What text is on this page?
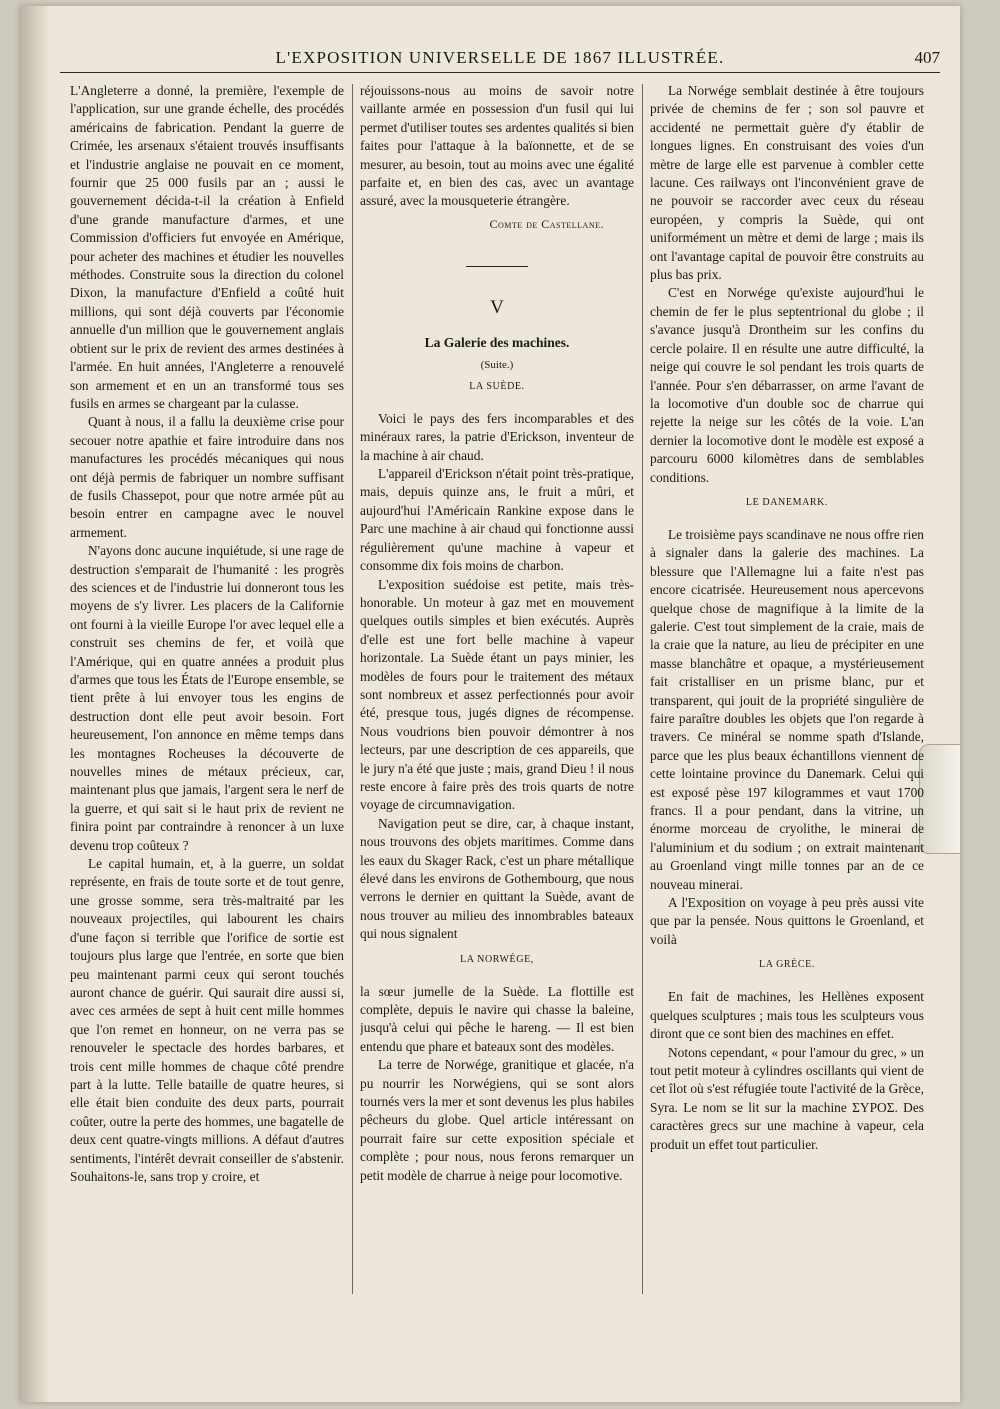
L'EXPOSITION UNIVERSELLE DE 1867 ILLUSTRÉE.	407

L'Angleterre a donné, la première, l'exemple de l'application, sur une grande échelle, des procédés américains de fabrication. Pendant la guerre de Crimée, les arsenaux s'étaient trouvés insuffisants et l'industrie anglaise ne pouvait en ce moment, fournir que 25 000 fusils par an ; aussi le gouvernement décida-t-il la création à Enfield d'une grande manufacture d'armes, et une Commission d'officiers fut envoyée en Amérique, pour acheter des machines et étudier les nouvelles méthodes. Construite sous la direction du colonel Dixon, la manufacture d'Enfield a coûté huit millions, qui sont déjà couverts par l'économie annuelle d'un million que le gouvernement anglais obtient sur le prix de revient des armes destinées à l'armée. En huit années, l'Angleterre a renouvelé son armement et en un an transformé tous ses fusils en armes se chargeant par la culasse.

Quant à nous, il a fallu la deuxième crise pour secouer notre apathie et faire introduire dans nos manufactures les procédés mécaniques qui nous ont déjà permis de fabriquer un nombre suffisant de fusils Chassepot, pour que notre armée pût au besoin entrer en campagne avec le nouvel armement.

N'ayons donc aucune inquiétude, si une rage de destruction s'emparait de l'humanité : les progrès des sciences et de l'industrie lui donneront tous les moyens de s'y livrer. Les placers de la Californie ont fourni à la vieille Europe l'or avec lequel elle a construit ses chemins de fer, et voilà que l'Amérique, qui en quatre années a produit plus d'armes que tous les États de l'Europe ensemble, se tient prête à lui envoyer tous les engins de destruction dont elle peut avoir besoin. Fort heureusement, l'on annonce en même temps dans les montagnes Rocheuses la découverte de nouvelles mines de métaux précieux, car, maintenant plus que jamais, l'argent sera le nerf de la guerre, et qui sait si le haut prix de revient ne finira point par contraindre à renoncer à un luxe devenu trop coûteux ?

Le capital humain, et, à la guerre, un soldat représente, en frais de toute sorte et de tout genre, une grosse somme, sera très-maltraité par les nouveaux projectiles, qui labourent les chairs d'une façon si terrible que l'orifice de sortie est toujours plus large que l'entrée, en sorte que bien peu maintenant parmi ceux qui seront touchés auront chance de guérir. Qui saurait dire aussi si, avec ces armées de sept à huit cent mille hommes que l'on remet en honneur, on ne verra pas se renouveler le spectacle des hordes barbares, et trois cent mille hommes de chaque côté prendre part à la lutte. Telle bataille de quatre heures, si elle était bien conduite des deux parts, pourrait coûter, outre la perte des hommes, une bagatelle de deux cent quatre-vingts millions. A défaut d'autres sentiments, l'intérêt devrait conseiller de s'abstenir. Souhaitons-le, sans trop y croire, et

réjouissons-nous au moins de savoir notre vaillante armée en possession d'un fusil qui lui permet d'utiliser toutes ses ardentes qualités si bien faites pour l'attaque à la baïonnette, et de se mesurer, au besoin, tout au moins avec une égalité parfaite et, en bien des cas, avec un avantage assuré, avec la mousqueterie étrangère.

Comte de Castellane.
V
La Galerie des machines.
(Suite.)
LA SUÈDE.

Voici le pays des fers incomparables et des minéraux rares, la patrie d'Erickson, inventeur de la machine à air chaud.

L'appareil d'Erickson n'était point très-pratique, mais, depuis quinze ans, le fruit a mûri, et aujourd'hui l'Américain Rankine expose dans le Parc une machine à air chaud qui fonctionne aussi régulièrement qu'une machine à vapeur et consomme dix fois moins de charbon.

L'exposition suédoise est petite, mais très-honorable. Un moteur à gaz met en mouvement quelques outils simples et bien exécutés. Auprès d'elle est une fort belle machine à vapeur horizontale. La Suède étant un pays minier, les modèles de fours pour le traitement des métaux sont nombreux et assez perfectionnés pour avoir été, presque tous, jugés dignes de récompense. Nous voudrions bien pouvoir démontrer à nos lecteurs, par une description de ces appareils, que le jury n'a été que juste ; mais, grand Dieu ! il nous reste encore à faire près des trois quarts de notre voyage de circumnavigation.

Navigation peut se dire, car, à chaque instant, nous trouvons des objets maritimes. Comme dans les eaux du Skager Rack, c'est un phare métallique élevé dans les environs de Gothembourg, que nous verrons le dernier en quittant la Suède, avant de nous trouver au milieu des innombrables bateaux qui nous signalent

LA NORWÉGE,

la sœur jumelle de la Suède. La flottille est complète, depuis le navire qui chasse la baleine, jusqu'à celui qui pêche le hareng. — Il est bien entendu que phare et bateaux sont des modèles.

La terre de Norwége, granitique et glacée, n'a pu nourrir les Norwégiens, qui se sont alors tournés vers la mer et sont devenus les plus habiles pêcheurs du globe. Quel article intéressant on pourrait faire sur cette exposition spéciale et complète ; pour nous, nous ferons remarquer un petit modèle de charrue à neige pour locomotive.

La Norwége semblait destinée à être toujours privée de chemins de fer ; son sol pauvre et accidenté ne permettait guère d'y établir de longues lignes. En construisant des voies d'un mètre de large elle est parvenue à combler cette lacune. Ces railways ont l'inconvénient grave de ne pouvoir se raccorder avec ceux du réseau européen, y compris la Suède, qui ont uniformément un mètre et demi de large ; mais ils ont l'avantage capital de pouvoir être construits au plus bas prix.

C'est en Norwége qu'existe aujourd'hui le chemin de fer le plus septentrional du globe ; il s'avance jusqu'à Drontheim sur les confins du cercle polaire. Il en résulte une autre difficulté, la neige qui couvre le sol pendant les trois quarts de l'année. Pour s'en débarrasser, on arme l'avant de la locomotive d'un double soc de charrue qui rejette la neige sur les côtés de la voie. L'an dernier la locomotive dont le modèle est exposé a parcouru 6000 kilomètres dans de semblables conditions.

LE DANEMARK.

Le troisième pays scandinave ne nous offre rien à signaler dans la galerie des machines. La blessure que l'Allemagne lui a faite n'est pas encore cicatrisée. Heureusement nous apercevons quelque chose de magnifique à la limite de la galerie. C'est tout simplement de la craie, mais de la craie que la nature, au lieu de précipiter en une masse blanchâtre et opaque, a mystérieusement fait cristalliser en un prisme blanc, pur et transparent, qui jouit de la propriété singulière de faire paraître doubles les objets que l'on regarde à travers. Ce minéral se nomme spath d'Islande, parce que les plus beaux échantillons viennent de cette lointaine province du Danemark. Celui qui est exposé pèse 197 kilogrammes et vaut 1700 francs. Il a pour pendant, dans la vitrine, un énorme morceau de cryolithe, le minerai de l'aluminium et du sodium ; on extrait maintenant au Groenland vingt mille tonnes par an de ce nouveau minerai.

A l'Exposition on voyage à peu près aussi vite que par la pensée. Nous quittons le Groenland, et voilà

LA GRÈCE.

En fait de machines, les Hellènes exposent quelques sculptures ; mais tous les sculpteurs vous diront que ce sont bien des machines en effet.

Notons cependant, « pour l'amour du grec, » un tout petit moteur à cylindres oscillants qui vient de cet îlot où s'est réfugiée toute l'activité de la Grèce, Syra. Le nom se lit sur la machine ΣΥΡΟΣ. Des caractères grecs sur une machine à vapeur, cela produit un effet tout particulier.
